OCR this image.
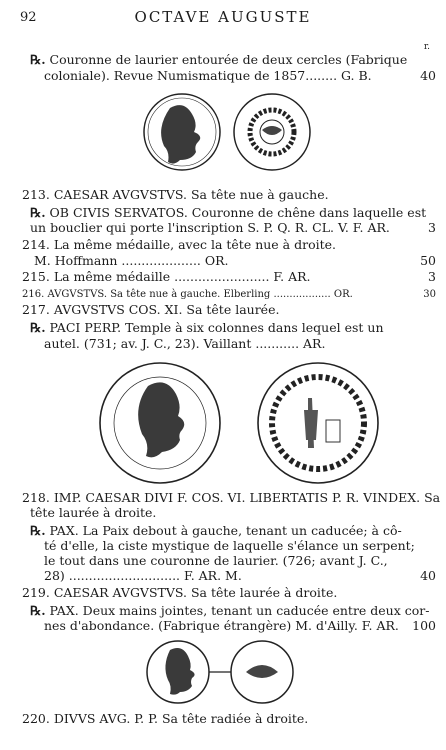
92	OCTAVE AUGUSTE
r.
℞. Couronne de laurier entourée de deux cercles (Fabrique
coloniale). Revue Numismatique de 1857........ G. B.	40
213. CAESAR AVGVSTVS. Sa tête nue à gauche.
℞. OB CIVIS SERVATOS. Couronne de chêne dans laquelle est
un bouclier qui porte l'inscription S. P. Q. R. CL. V. F. AR.	3
214. La même médaille, avec la tête nue à droite.
M. Hoffmann .................... OR.	50
215. La même médaille ........................ F. AR.	3
216. AVGVSTVS. Sa tête nue à gauche. Elberling .................. OR.	30
217. AVGVSTVS COS. XI. Sa tête laurée.
℞. PACI PERP. Temple à six colonnes dans lequel est un
autel. (731; av. J. C., 23). Vaillant ........... AR.
218. IMP. CAESAR DIVI F. COS. VI. LIBERTATIS P. R. VINDEX. Sa
tête laurée à droite.
℞. PAX. La Paix debout à gauche, tenant un caducée; à cô-
té d'elle, la ciste mystique de laquelle s'élance un serpent;
le tout dans une couronne de laurier. (726; avant J. C.,
28) ............................ F. AR. M.	40
219. CAESAR AVGVSTVS. Sa tête laurée à droite.
℞. PAX. Deux mains jointes, tenant un caducée entre deux cor-
nes d'abondance. (Fabrique étrangère) M. d'Ailly. F. AR. 100
220. DIVVS AVG. P. P. Sa tête radiée à droite.
